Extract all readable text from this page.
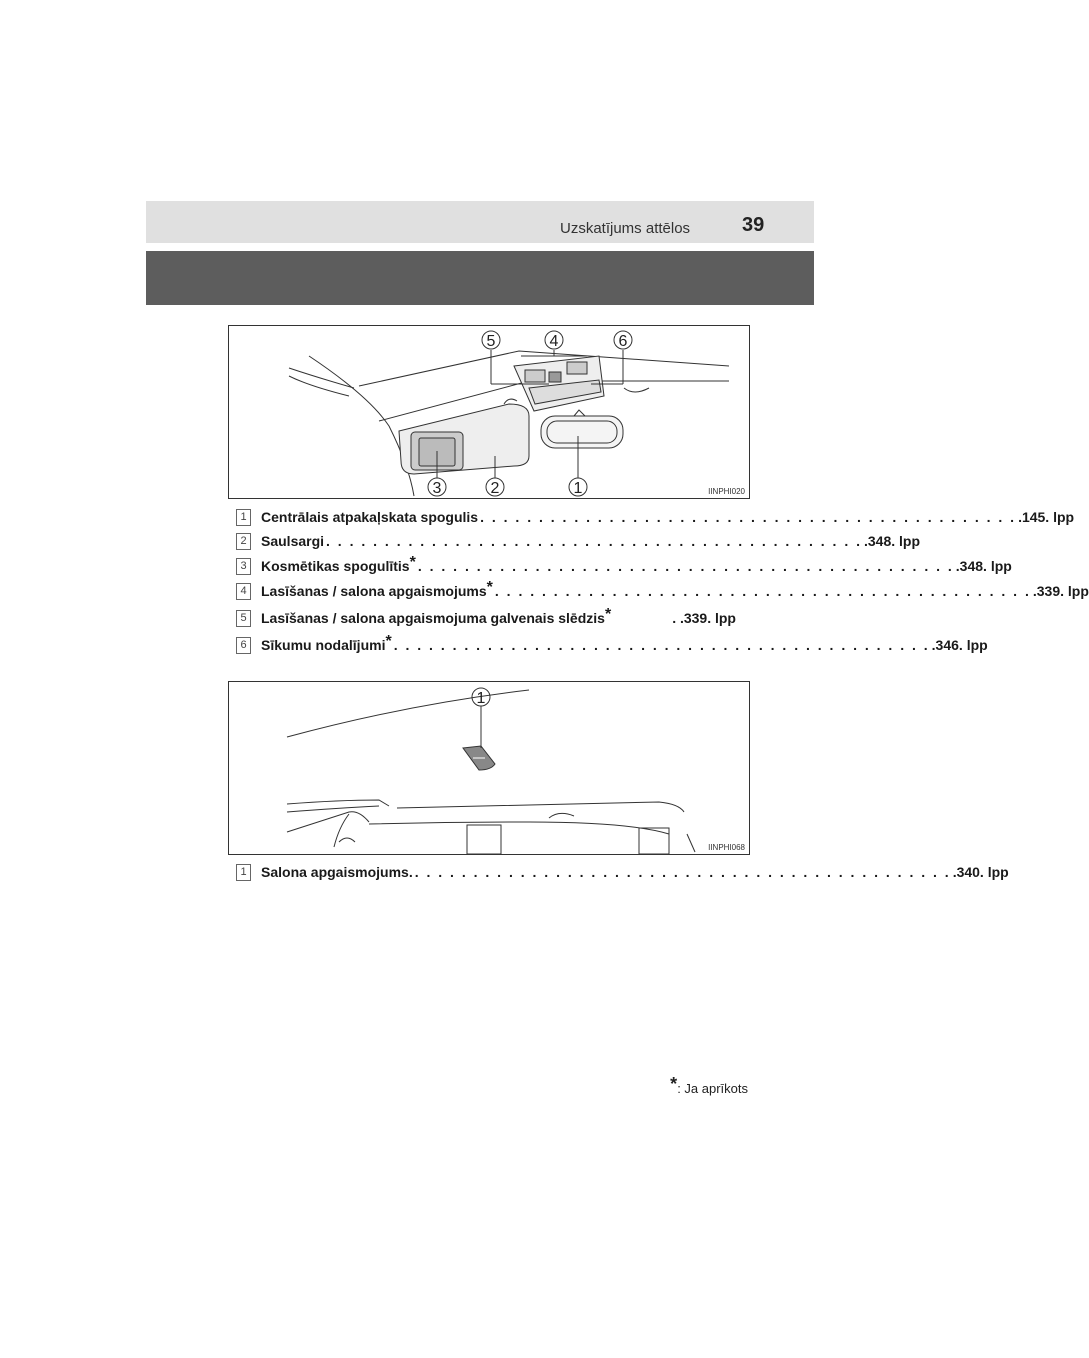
Uzskatījums attēlos	39
5	4	6
3	2	1	IINPHI020
1	Centrālais atpakaļskata spogulis . . . . . . . . . . . . . . . . . . . . . . . . . . . . . . . . . . . . . . . . . . . . . . .145. lpp
2	Saulsargi . . . . . . . . . . . . . . . . . . . . . . . . . . . . . . . . . . . . . . . . . . . . . . .348. lpp
3	Kosmētikas spogulītis* . . . . . . . . . . . . . . . . . . . . . . . . . . . . . . . . . . . . . . . . . . . . . . .348. lpp
4	Lasīšanas / salona apgaismojums* . . . . . . . . . . . . . . . . . . . . . . . . . . . . . . . . . . . . . . . . . . . . . . .339. lpp
5	Lasīšanas / salona apgaismojuma galvenais slēdzis*	. .339. lpp
6	Sīkumu nodalījumi* . . . . . . . . . . . . . . . . . . . . . . . . . . . . . . . . . . . . . . . . . . . . . . .346. lpp
1
IINPHI068
1	Salona apgaismojums. . . . . . . . . . . . . . . . . . . . . . . . . . . . . . . . . . . . . . . . . . . . . . . .340. lpp
*: Ja aprīkots
